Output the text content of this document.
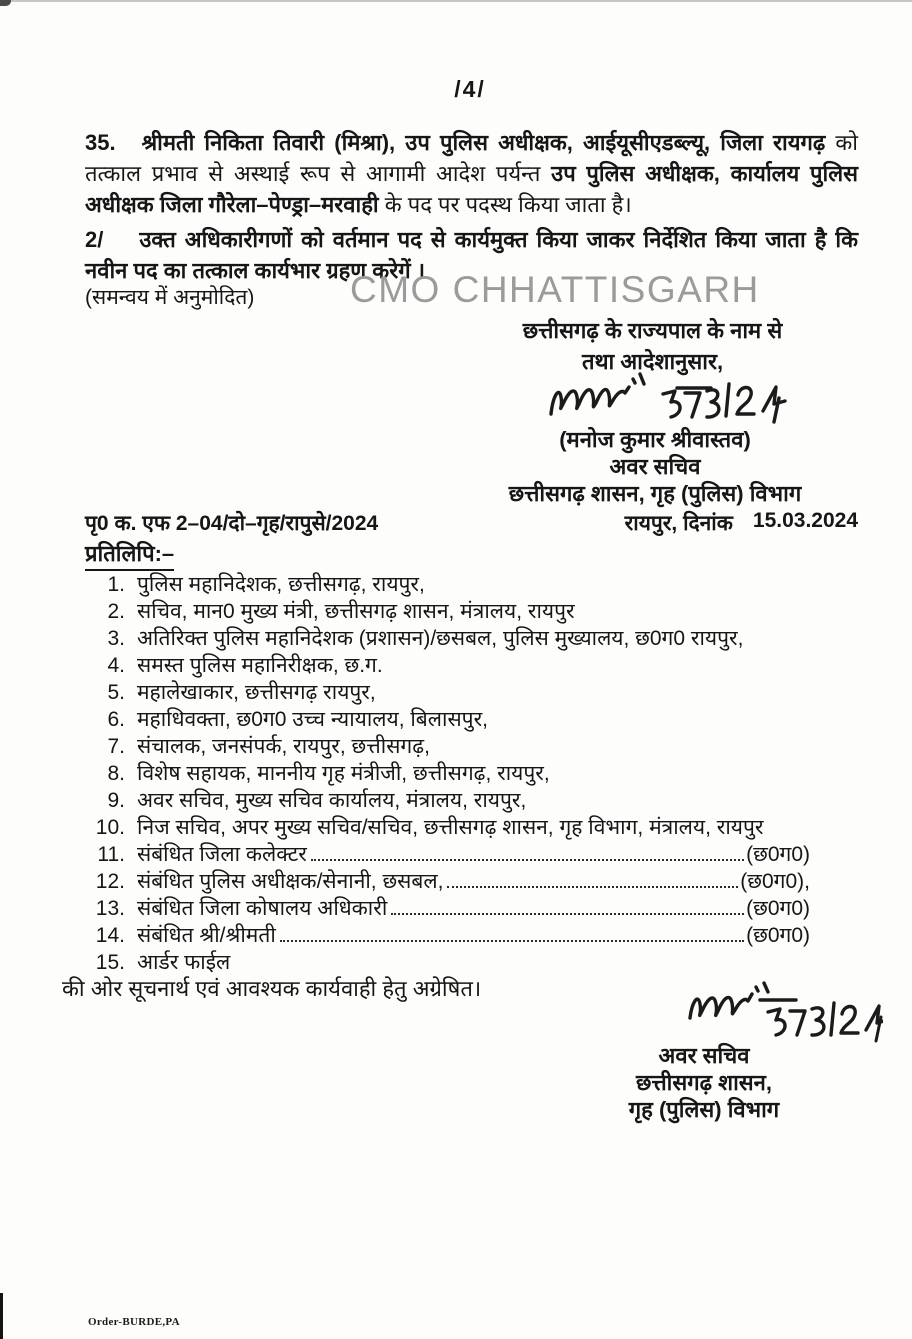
/4/
35. श्रीमती निकिता तिवारी (मिश्रा), उप पुलिस अधीक्षक, आईयूसीएडब्ल्यू, जिला रायगढ़ को तत्काल प्रभाव से अस्थाई रूप से आगामी आदेश पर्यन्त उप पुलिस अधीक्षक, कार्यालय पुलिस अधीक्षक जिला गौरेला–पेण्ड्रा–मरवाही के पद पर पदस्थ किया जाता है।
2/ उक्त अधिकारीगणों को वर्तमान पद से कार्यमुक्त किया जाकर निर्देशित किया जाता है कि नवीन पद का तत्काल कार्यभार ग्रहण करेगें ।
(समन्वय में अनुमोदित)	CMO CHHATTISGARH
छत्तीसगढ़ के राज्यपाल के नाम से
तथा आदेशानुसार,
(मनोज कुमार श्रीवास्तव)
अवर सचिव
छत्तीसगढ़ शासन, गृह (पुलिस) विभाग
पृ0 क. एफ 2–04/दो–गृह/रापुसे/2024	रायपुर, दिनांक 15.03.2024
प्रतिलिपि:–
1. पुलिस महानिदेशक, छत्तीसगढ़, रायपुर,
2. सचिव, मान0 मुख्य मंत्री, छत्तीसगढ़ शासन, मंत्रालय, रायपुर
3. अतिरिक्त पुलिस महानिदेशक (प्रशासन)/छसबल, पुलिस मुख्यालय, छ0ग0 रायपुर,
4. समस्त पुलिस महानिरीक्षक, छ.ग.
5. महालेखाकार, छत्तीसगढ़ रायपुर,
6. महाधिवक्ता, छ0ग0 उच्च न्यायालय, बिलासपुर,
7. संचालक, जनसंपर्क, रायपुर, छत्तीसगढ़,
8. विशेष सहायक, माननीय गृह मंत्रीजी, छत्तीसगढ़, रायपुर,
9. अवर सचिव, मुख्य सचिव कार्यालय, मंत्रालय, रायपुर,
10. निज सचिव, अपर मुख्य सचिव/सचिव, छत्तीसगढ़ शासन, गृह विभाग, मंत्रालय, रायपुर
11. संबंधित जिला कलेक्टर	(छ0ग0)
12. संबंधित पुलिस अधीक्षक/सेनानी, छसबल,	(छ0ग0),
13. संबंधित जिला कोषालय अधिकारी	(छ0ग0)
14. संबंधित श्री/श्रीमती	(छ0ग0)
15. आर्डर फाईल
की ओर सूचनार्थ एवं आवश्यक कार्यवाही हेतु अग्रेषित।
अवर सचिव
छत्तीसगढ़ शासन,
गृह (पुलिस) विभाग
Order-BURDE,PA
